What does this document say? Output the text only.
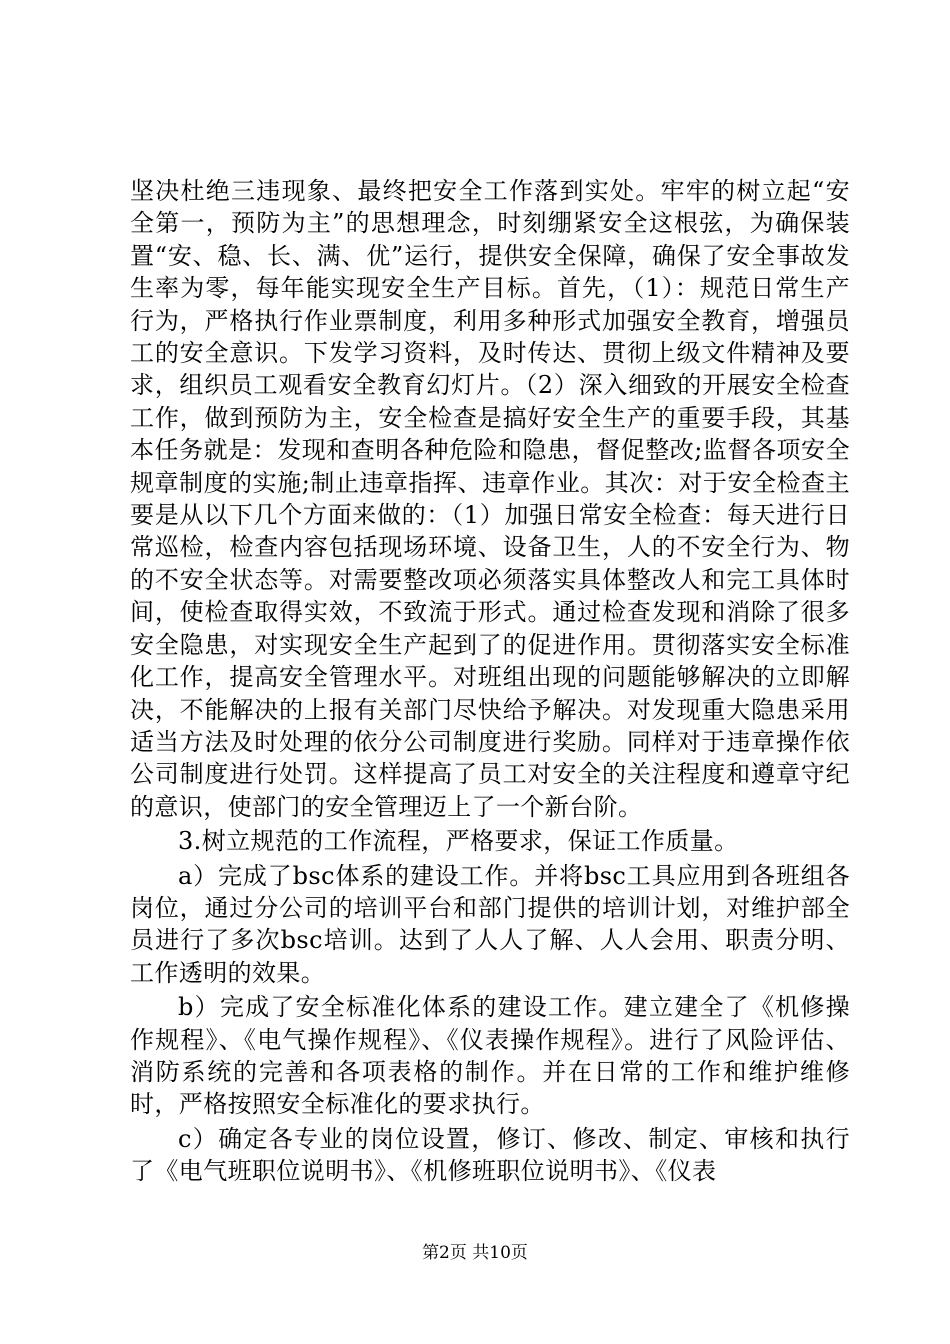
坚决杜绝三违现象、最终把安全工作落到实处。牢牢的树立起“安全第一，预防为主”的思想理念，时刻绷紧安全这根弦，为确保装置“安、稳、长、满、优”运行，提供安全保障，确保了安全事故发生率为零，每年能实现安全生产目标。首先，（1）：规范日常生产行为，严格执行作业票制度，利用多种形式加强安全教育，增强员工的安全意识。下发学习资料，及时传达、贯彻上级文件精神及要求，组织员工观看安全教育幻灯片。（2）深入细致的开展安全检查工作，做到预防为主，安全检查是搞好安全生产的重要手段，其基本任务就是：发现和查明各种危险和隐患，督促整改;监督各项安全规章制度的实施;制止违章指挥、违章作业。其次：对于安全检查主要是从以下几个方面来做的：（1）加强日常安全检查：每天进行日常巡检，检查内容包括现场环境、设备卫生，人的不安全行为、物的不安全状态等。对需要整改项必须落实具体整改人和完工具体时间，使检查取得实效，不致流于形式。通过检查发现和消除了很多安全隐患，对实现安全生产起到了的促进作用。贯彻落实安全标准化工作，提高安全管理水平。对班组出现的问题能够解决的立即解决，不能解决的上报有关部门尽快给予解决。对发现重大隐患采用适当方法及时处理的依分公司制度进行奖励。同样对于违章操作依公司制度进行处罚。这样提高了员工对安全的关注程度和遵章守纪的意识，使部门的安全管理迈上了一个新台阶。

3.树立规范的工作流程，严格要求，保证工作质量。

a）完成了bsc体系的建设工作。并将bsc工具应用到各班组各岗位，通过分公司的培训平台和部门提供的培训计划，对维护部全员进行了多次bsc培训。达到了人人了解、人人会用、职责分明、工作透明的效果。

b）完成了安全标准化体系的建设工作。建立建全了《机修操作规程》、《电气操作规程》、《仪表操作规程》。进行了风险评估、消防系统的完善和各项表格的制作。并在日常的工作和维护维修时，严格按照安全标准化的要求执行。

c）确定各专业的岗位设置，修订、修改、制定、审核和执行了《电气班职位说明书》、《机修班职位说明书》、《仪表

第2页 共10页
